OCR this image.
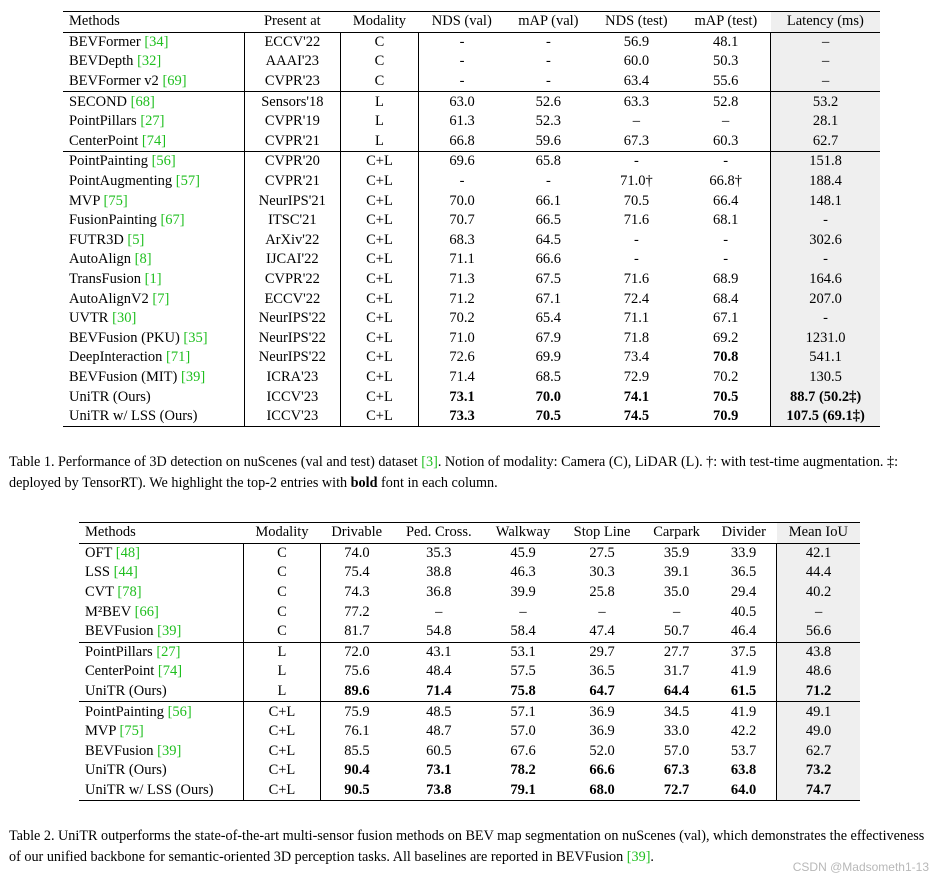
Methods	Present at	Modality	NDS (val)	mAP (val)	NDS (test)	mAP (test)	Latency (ms)
BEVFormer [34]	ECCV'22	C	-	-	56.9	48.1	–
BEVDepth [32]	AAAI'23	C	-	-	60.0	50.3	–
BEVFormer v2 [69]	CVPR'23	C	-	-	63.4	55.6	–
SECOND [68]	Sensors'18	L	63.0	52.6	63.3	52.8	53.2
PointPillars [27]	CVPR'19	L	61.3	52.3	–	–	28.1
CenterPoint [74]	CVPR'21	L	66.8	59.6	67.3	60.3	62.7
PointPainting [56]	CVPR'20	C+L	69.6	65.8	-	-	151.8
PointAugmenting [57]	CVPR'21	C+L	-	-	71.0†	66.8†	188.4
MVP [75]	NeurIPS'21	C+L	70.0	66.1	70.5	66.4	148.1
FusionPainting [67]	ITSC'21	C+L	70.7	66.5	71.6	68.1	-
FUTR3D [5]	ArXiv'22	C+L	68.3	64.5	-	-	302.6
AutoAlign [8]	IJCAI'22	C+L	71.1	66.6	-	-	-
TransFusion [1]	CVPR'22	C+L	71.3	67.5	71.6	68.9	164.6
AutoAlignV2 [7]	ECCV'22	C+L	71.2	67.1	72.4	68.4	207.0
UVTR [30]	NeurIPS'22	C+L	70.2	65.4	71.1	67.1	-
BEVFusion (PKU) [35]	NeurIPS'22	C+L	71.0	67.9	71.8	69.2	1231.0
DeepInteraction [71]	NeurIPS'22	C+L	72.6	69.9	73.4	70.8	541.1
BEVFusion (MIT) [39]	ICRA'23	C+L	71.4	68.5	72.9	70.2	130.5
UniTR (Ours)	ICCV'23	C+L	73.1	70.0	74.1	70.5	88.7 (50.2‡)
UniTR w/ LSS (Ours)	ICCV'23	C+L	73.3	70.5	74.5	70.9	107.5 (69.1‡)
Table 1. Performance of 3D detection on nuScenes (val and test) dataset [3]. Notion of modality: Camera (C), LiDAR (L). †: with test-time augmentation. ‡: deployed by TensorRT). We highlight the top-2 entries with bold font in each column.
Methods	Modality	Drivable	Ped. Cross.	Walkway	Stop Line	Carpark	Divider	Mean IoU
OFT [48]	C	74.0	35.3	45.9	27.5	35.9	33.9	42.1
LSS [44]	C	75.4	38.8	46.3	30.3	39.1	36.5	44.4
CVT [78]	C	74.3	36.8	39.9	25.8	35.0	29.4	40.2
M²BEV [66]	C	77.2	–	–	–	–	40.5	–
BEVFusion [39]	C	81.7	54.8	58.4	47.4	50.7	46.4	56.6
PointPillars [27]	L	72.0	43.1	53.1	29.7	27.7	37.5	43.8
CenterPoint [74]	L	75.6	48.4	57.5	36.5	31.7	41.9	48.6
UniTR (Ours)	L	89.6	71.4	75.8	64.7	64.4	61.5	71.2
PointPainting [56]	C+L	75.9	48.5	57.1	36.9	34.5	41.9	49.1
MVP [75]	C+L	76.1	48.7	57.0	36.9	33.0	42.2	49.0
BEVFusion [39]	C+L	85.5	60.5	67.6	52.0	57.0	53.7	62.7
UniTR (Ours)	C+L	90.4	73.1	78.2	66.6	67.3	63.8	73.2
UniTR w/ LSS (Ours)	C+L	90.5	73.8	79.1	68.0	72.7	64.0	74.7
Table 2. UniTR outperforms the state-of-the-art multi-sensor fusion methods on BEV map segmentation on nuScenes (val), which demonstrates the effectiveness of our unified backbone for semantic-oriented 3D perception tasks. All baselines are reported in BEVFusion [39].
CSDN @Madsometh1-13
